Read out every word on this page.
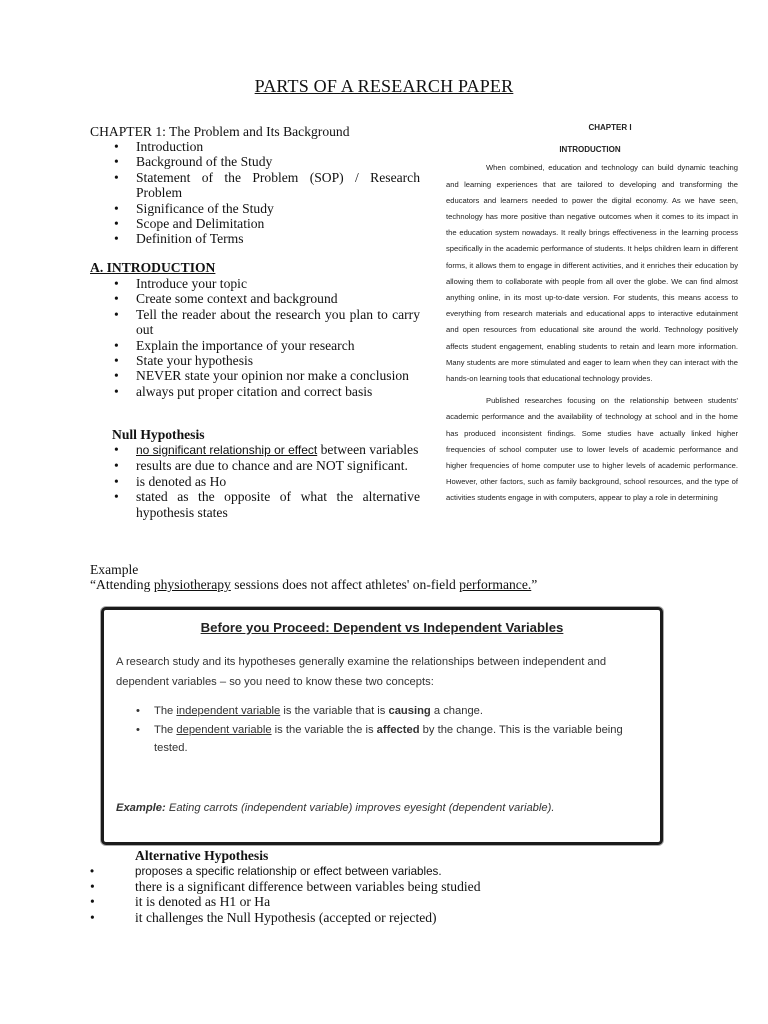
PARTS OF A RESEARCH PAPER
CHAPTER 1: The Problem and Its Background
• Introduction
• Background of the Study
• Statement of the Problem (SOP) / Research Problem
• Significance of the Study
• Scope and Delimitation
• Definition of Terms
A. INTRODUCTION
• Introduce your topic
• Create some context and background
• Tell the reader about the research you plan to carry out
• Explain the importance of your research
• State your hypothesis
• NEVER state your opinion nor make a conclusion
• always put proper citation and correct basis
Null Hypothesis
• no significant relationship or effect between variables
• results are due to chance and are NOT significant.
• is denoted as Ho
• stated as the opposite of what the alternative hypothesis states
CHAPTER I
INTRODUCTION

When combined, education and technology can build dynamic teaching and learning experiences that are tailored to developing and transforming the educators and learners needed to power the digital economy. As we have seen, technology has more positive than negative outcomes when it comes to its impact in the education system nowadays. It really brings effectiveness in the learning process specifically in the academic performance of students. It helps children learn in different forms, it allows them to engage in different activities, and it enriches their education by allowing them to collaborate with people from all over the globe. We can find almost anything online, in its most up-to-date version. For students, this means access to everything from research materials and educational apps to interactive edutainment and open resources from educational site around the world. Technology positively affects student engagement, enabling students to retain and learn more information. Many students are more stimulated and eager to learn when they can interact with the hands-on learning tools that educational technology provides.

Published researches focusing on the relationship between students' academic performance and the availability of technology at school and in the home has produced inconsistent findings. Some studies have actually linked higher frequencies of school computer use to lower levels of academic performance and higher frequencies of home computer use to higher levels of academic performance. However, other factors, such as family background, school resources, and the type of activities students engage in with computers, appear to play a role in determining

Example
“Attending physiotherapy sessions does not affect athletes' on-field performance.”
Before you Proceed: Dependent vs Independent Variables
A research study and its hypotheses generally examine the relationships between independent and dependent variables – so you need to know these two concepts:
• The independent variable is the variable that is causing a change.
• The dependent variable is the variable the is affected by the change. This is the variable being tested.
Example: Eating carrots (independent variable) improves eyesight (dependent variable).
Alternative Hypothesis
• proposes a specific relationship or effect between variables.
• there is a significant difference between variables being studied
• it is denoted as H1 or Ha
• it challenges the Null Hypothesis (accepted or rejected)
